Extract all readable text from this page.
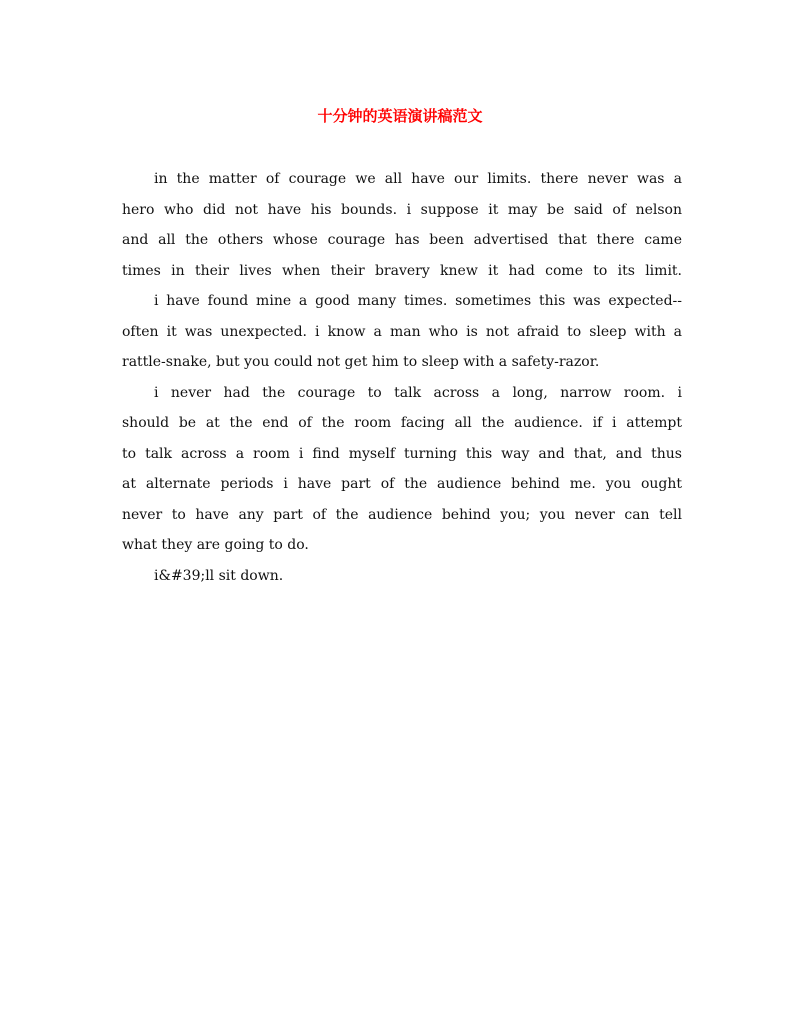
十分钟的英语演讲稿范文
in the matter of courage we all have our limits. there never was a
hero who did not have his bounds. i suppose it may be said of nelson
and all the others whose courage has been advertised that there came
times in their lives when their bravery knew it had come to its limit.
i have found mine a good many times. sometimes this was expected--
often it was unexpected. i know a man who is not afraid to sleep with a
rattle-snake, but you could not get him to sleep with a safety-razor.
i never had the courage to talk across a long, narrow room. i
should be at the end of the room facing all the audience. if i attempt
to talk across a room i find myself turning this way and that, and thus
at alternate periods i have part of the audience behind me. you ought
never to have any part of the audience behind you; you never can tell
what they are going to do.
i&#39;ll sit down.
